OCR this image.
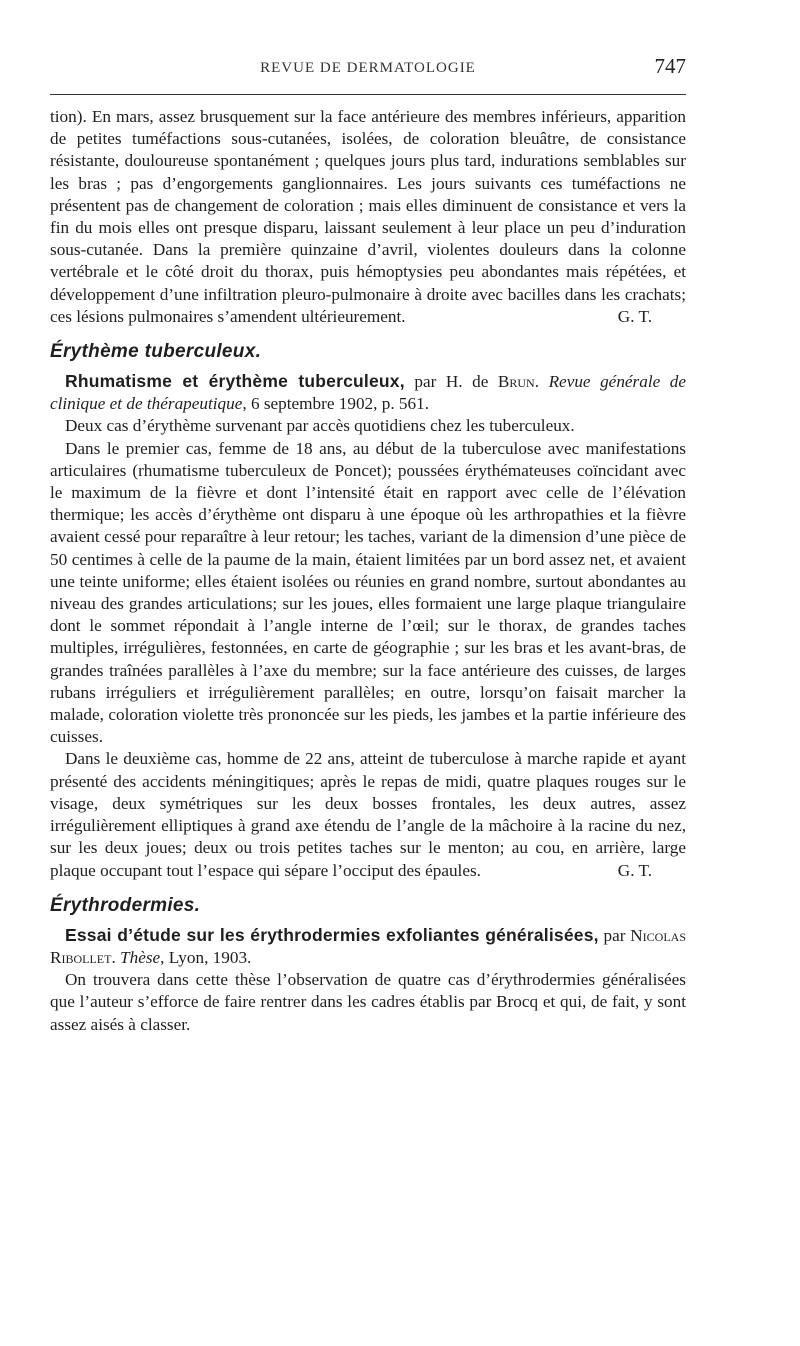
REVUE DE DERMATOLOGIE	747

tion). En mars, assez brusquement sur la face antérieure des membres inférieurs, apparition de petites tuméfactions sous-cutanées, isolées, de coloration bleuâtre, de consistance résistante, douloureuse spontanément ; quelques jours plus tard, indurations semblables sur les bras ; pas d’engorgements ganglionnaires. Les jours suivants ces tuméfactions ne présentent pas de changement de coloration ; mais elles diminuent de consistance et vers la fin du mois elles ont presque disparu, laissant seulement à leur place un peu d’induration sous-cutanée. Dans la première quinzaine d’avril, violentes douleurs dans la colonne vertébrale et le côté droit du thorax, puis hémoptysies peu abondantes mais répétées, et développement d’une infiltration pleuro-pulmonaire à droite avec bacilles dans les crachats; ces lésions pulmonaires s’amendent ultérieurement.	G. T.

Érythème tuberculeux.

Rhumatisme et érythème tuberculeux, par H. de Brun. Revue générale de clinique et de thérapeutique, 6 septembre 1902, p. 561.

Deux cas d’érythème survenant par accès quotidiens chez les tuberculeux.

Dans le premier cas, femme de 18 ans, au début de la tuberculose avec manifestations articulaires (rhumatisme tuberculeux de Poncet); poussées érythémateuses coïncidant avec le maximum de la fièvre et dont l’intensité était en rapport avec celle de l’élévation thermique; les accès d’érythème ont disparu à une époque où les arthropathies et la fièvre avaient cessé pour reparaître à leur retour; les taches, variant de la dimension d’une pièce de 50 centimes à celle de la paume de la main, étaient limitées par un bord assez net, et avaient une teinte uniforme; elles étaient isolées ou réunies en grand nombre, surtout abondantes au niveau des grandes articulations; sur les joues, elles formaient une large plaque triangulaire dont le sommet répondait à l’angle interne de l’œil; sur le thorax, de grandes taches multiples, irrégulières, festonnées, en carte de géographie ; sur les bras et les avant-bras, de grandes traînées parallèles à l’axe du membre; sur la face antérieure des cuisses, de larges rubans irréguliers et irrégulièrement parallèles; en outre, lorsqu’on faisait marcher la malade, coloration violette très prononcée sur les pieds, les jambes et la partie inférieure des cuisses.

Dans le deuxième cas, homme de 22 ans, atteint de tuberculose à marche rapide et ayant présenté des accidents méningitiques; après le repas de midi, quatre plaques rouges sur le visage, deux symétriques sur les deux bosses frontales, les deux autres, assez irrégulièrement elliptiques à grand axe étendu de l’angle de la mâchoire à la racine du nez, sur les deux joues; deux ou trois petites taches sur le menton; au cou, en arrière, large plaque occupant tout l’espace qui sépare l’occiput des épaules.	G. T.

Érythrodermies.

Essai d’étude sur les érythrodermies exfoliantes généralisées, par Nicolas Ribollet. Thèse, Lyon, 1903.

On trouvera dans cette thèse l’observation de quatre cas d’érythrodermies généralisées que l’auteur s’efforce de faire rentrer dans les cadres établis par Brocq et qui, de fait, y sont assez aisés à classer.
